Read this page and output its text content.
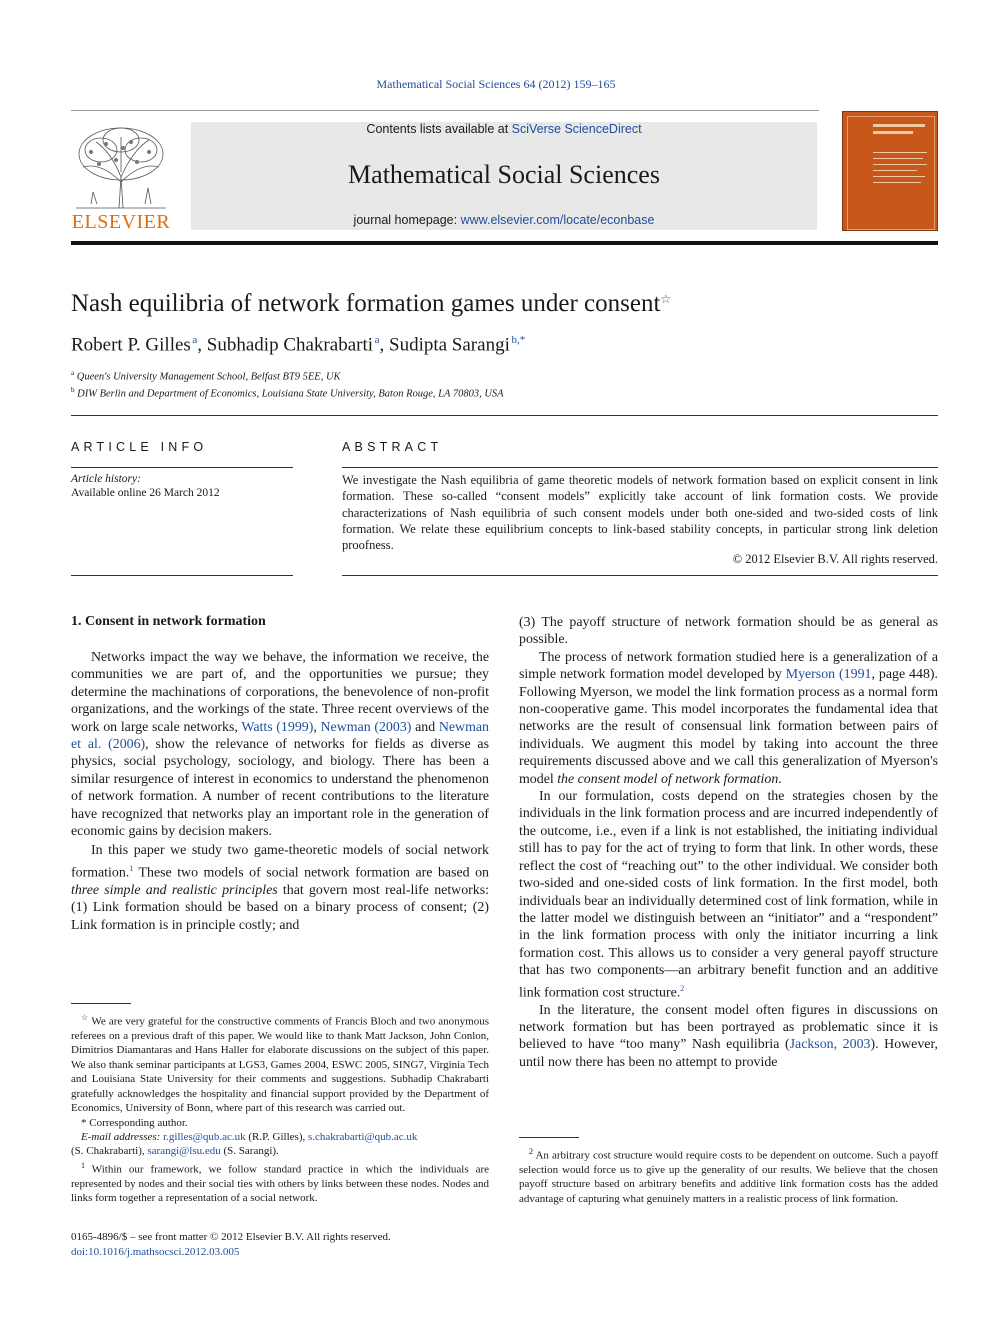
Mathematical Social Sciences 64 (2012) 159–165
ELSEVIER
Contents lists available at SciVerse ScienceDirect
Mathematical Social Sciences
journal homepage: www.elsevier.com/locate/econbase
Nash equilibria of network formation games under consent☆
Robert P. Gilles  $^a$, Subhadip Chakrabarti  $^a$, Sudipta Sarangi  $^{b,*}$
$^a$ Queen's University Management School, Belfast BT9 5EE, UK
$^b$ DIW Berlin and Department of Economics, Louisiana State University, Baton Rouge, LA 70803, USA
ARTICLE INFO
Article history:
Available online 26 March 2012
ABSTRACT
We investigate the Nash equilibria of game theoretic models of network formation based on explicit consent in link formation. These so-called “consent models” explicitly take account of link formation costs. We provide characterizations of Nash equilibria of such consent models under both one-sided and two-sided costs of link formation. We relate these equilibrium concepts to link-based stability concepts, in particular strong link deletion proofness.
© 2012 Elsevier B.V. All rights reserved.
1. Consent in network formation

Networks impact the way we behave, the information we receive, the communities we are part of, and the opportunities we pursue; they determine the machinations of corporations, the benevolence of non-profit organizations, and the workings of the state. Three recent overviews of the work on large scale networks, Watts (1999), Newman (2003) and Newman et al. (2006), show the relevance of networks for fields as diverse as physics, social psychology, sociology, and biology. There has been a similar resurgence of interest in economics to understand the phenomenon of network formation. A number of recent contributions to the literature have recognized that networks play an important role in the generation of economic gains by decision makers.

In this paper we study two game-theoretic models of social network formation.$^1$ These two models of social network formation are based on three simple and realistic principles that govern most real-life networks: (1) Link formation should be based on a binary process of consent; (2) Link formation is in principle costly; and

(3) The payoff structure of network formation should be as general as possible.

The process of network formation studied here is a generalization of a simple network formation model developed by Myerson (1991, page 448). Following Myerson, we model the link formation process as a normal form non-cooperative game. This model incorporates the fundamental idea that networks are the result of consensual link formation between pairs of individuals. We augment this model by taking into account the three requirements discussed above and we call this generalization of Myerson's model the consent model of network formation.

In our formulation, costs depend on the strategies chosen by the individuals in the link formation process and are incurred independently of the outcome, i.e., even if a link is not established, the initiating individual still has to pay for the act of trying to form that link. In other words, these reflect the cost of “reaching out” to the other individual. We consider both two-sided and one-sided costs of link formation. In the first model, both individuals bear an individually determined cost of link formation, while in the latter model we distinguish between an “initiator” and a “respondent” in the link formation process with only the initiator incurring a link formation cost. This allows us to consider a very general payoff structure that has two components—an arbitrary benefit function and an additive link formation cost structure.$^2$

In the literature, the consent model often figures in discussions on network formation but has been portrayed as problematic since it is believed to have “too many” Nash equilibria (Jackson, 2003). However, until now there has been no attempt to provide

☆ We are very grateful for the constructive comments of Francis Bloch and two anonymous referees on a previous draft of this paper. We would like to thank Matt Jackson, John Conlon, Dimitrios Diamantaras and Hans Haller for elaborate discussions on the subject of this paper. We also thank seminar participants at LGS3, Games 2004, ESWC 2005, SING7, Virginia Tech and Louisiana State University for their comments and suggestions. Subhadip Chakrabarti gratefully acknowledges the hospitality and financial support provided by the Department of Economics, University of Bonn, where part of this research was carried out.

* Corresponding author.

E-mail addresses: r.gilles@qub.ac.uk (R.P. Gilles), s.chakrabarti@qub.ac.uk
(S. Chakrabarti), sarangi@lsu.edu (S. Sarangi).

$^1$ Within our framework, we follow standard practice in which the individuals are represented by nodes and their social ties with others by links between these nodes. Nodes and links form together a representation of a social network.

$^2$ An arbitrary cost structure would require costs to be dependent on outcome. Such a payoff selection would force us to give up the generality of our results. We believe that the chosen payoff structure based on arbitrary benefits and additive link formation costs has the added advantage of capturing what genuinely matters in a realistic process of link formation.

0165-4896/$ – see front matter © 2012 Elsevier B.V. All rights reserved.
doi:10.1016/j.mathsocsci.2012.03.005
